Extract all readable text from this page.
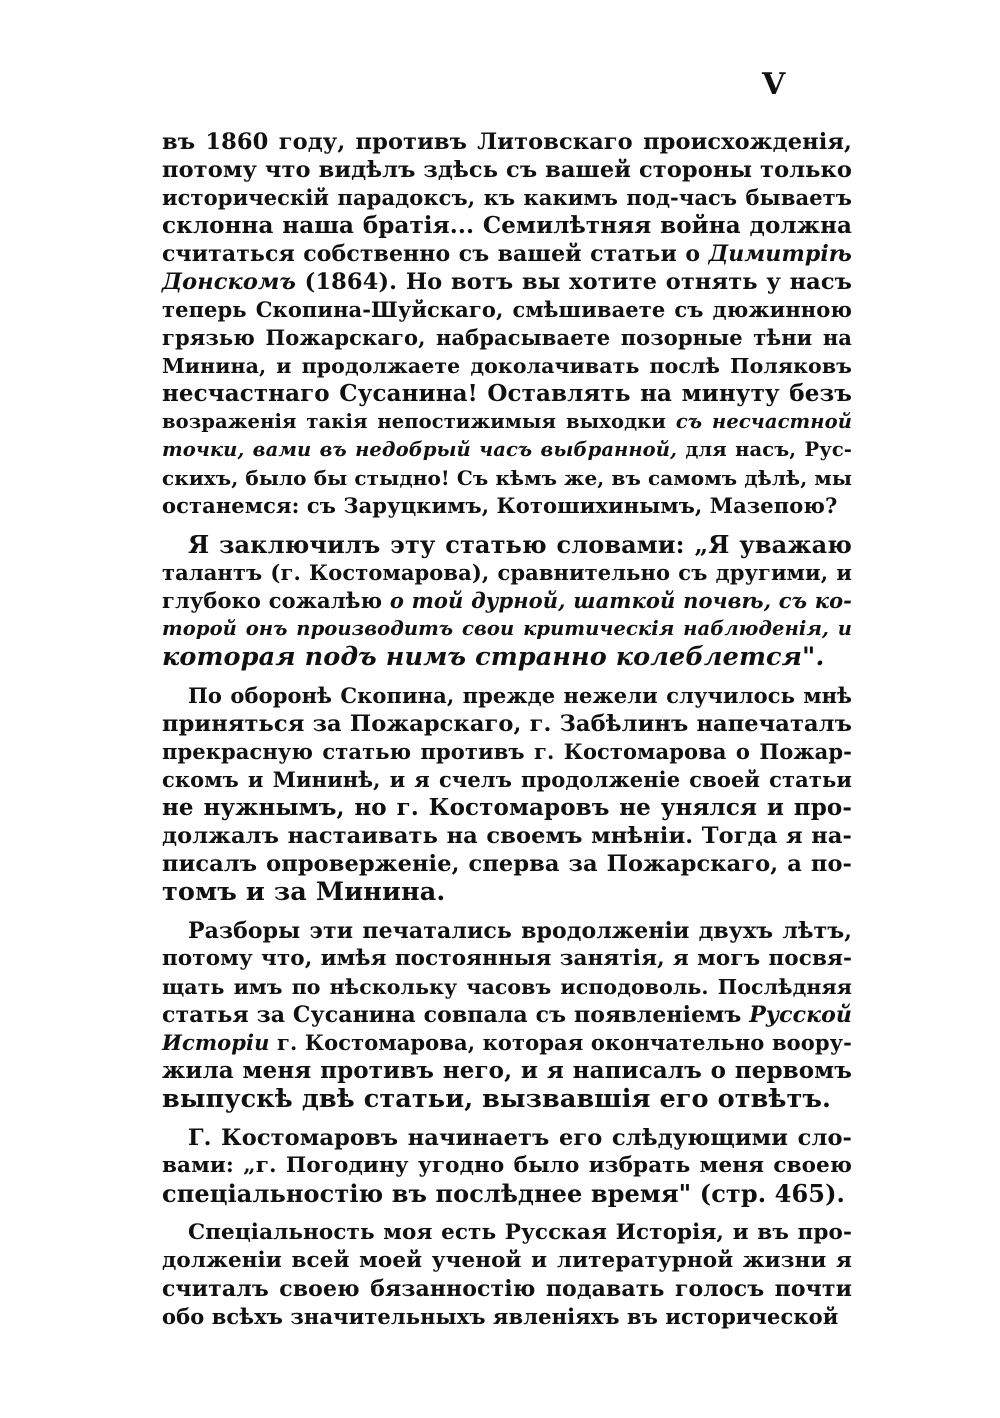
V
въ 1860 году, противъ Литовскаго происхожденія,
потому что видѣлъ здѣсь съ вашей стороны только
историческій парадоксъ, къ какимъ под-часъ бываетъ
склонна наша братія... Семилѣтняя война должна
считаться собственно съ вашей статьи о Димитріѣ
Донскомъ (1864). Но вотъ вы хотите отнять у насъ
теперь Скопина-Шуйскаго, смѣшиваете съ дюжинною
грязью Пожарскаго, набрасываете позорные тѣни на
Минина, и продолжаете доколачивать послѣ Поляковъ
несчастнаго Сусанина! Оставлять на минуту безъ
возраженія такія непостижимыя выходки съ несчастной
точки, вами въ недобрый часъ выбранной, для насъ, Рус-
скихъ, было бы стыдно! Съ кѣмъ же, въ самомъ дѣлѣ, мы
останемся: съ Заруцкимъ, Котошихинымъ, Мазепою?
Я заключилъ эту статью словами: „Я уважаю
талантъ (г. Костомарова), сравнительно съ другими, и
глубоко сожалѣю о той дурной, шаткой почвѣ, съ ко-
торой онъ производитъ свои критическія наблюденія, и
которая подъ нимъ странно колеблется".
По оборонѣ Скопина, прежде нежели случилось мнѣ
приняться за Пожарскаго, г. Забѣлинъ напечаталъ
прекрасную статью противъ г. Костомарова о Пожар-
скомъ и Mининѣ, и я счелъ продолженіе своей статьи
не нужнымъ, но г. Костомаровъ не унялся и про-
должалъ настаивать на своемъ мнѣніи. Тогда я на-
писалъ опроверженіе, сперва за Пожарскаго, а по-
томъ и за Минина.
Разборы эти печатались вродолженіи двухъ лѣтъ,
потому что, имѣя постоянныя занятія, я могъ посвя-
щать имъ по нѣскольку часовъ исподоволь. Послѣдняя
статья за Сусанина совпала съ появленіемъ Русской
Исторіи г. Костомарова, которая окончательно воору-
жила меня противъ него, и я написалъ о первомъ
выпускѣ двѣ статьи, вызвавшія его отвѣтъ.
Г. Костомаровъ начинаетъ его слѣдующими сло-
вами: „г. Погодину угодно было избрать меня своею
спеціальностію въ послѣднее время" (стр. 465).
Спеціальность моя есть Русская Исторія, и въ про-
долженіи всей моей ученой и литературной жизни я
считалъ своею бязанностію подавать голосъ почти
обо всѣхъ значительныхъ явленіяхъ въ исторической
